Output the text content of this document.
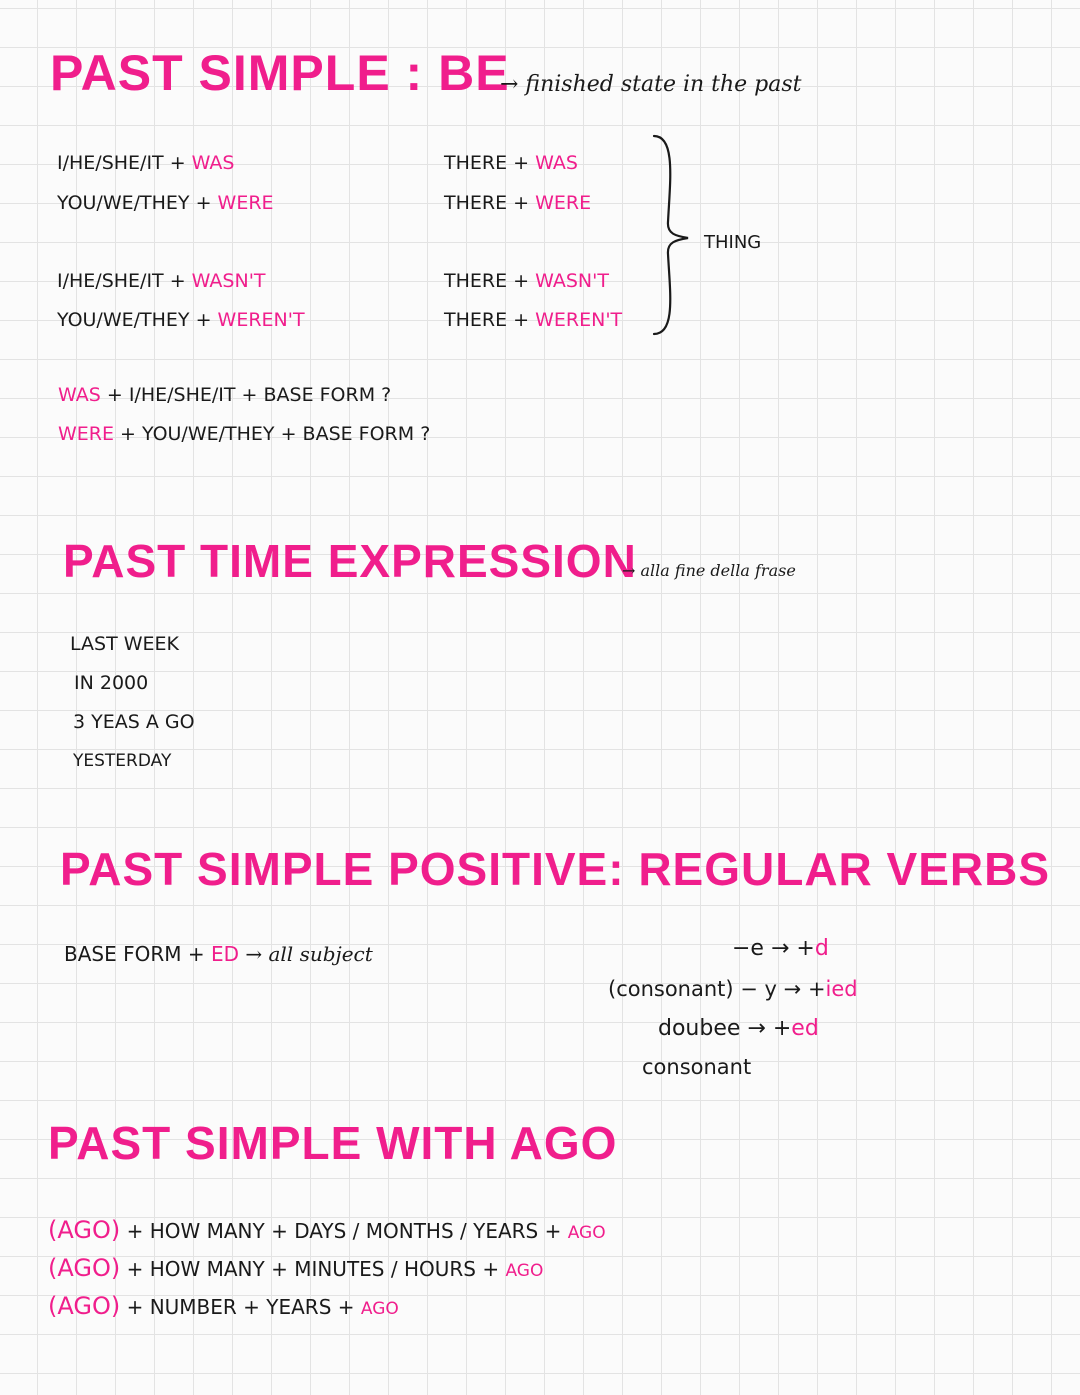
PAST SIMPLE : BE
→ finished state in the past
I/HE/SHE/IT + WAS
YOU/WE/THEY + WERE
I/HE/SHE/IT + WASN'T
YOU/WE/THEY + WEREN'T
THERE + WAS
THERE + WERE
THERE + WASN'T
THERE + WEREN'T
THING
WAS + I/HE/SHE/IT + BASE FORM ?
WERE + YOU/WE/THEY + BASE FORM ?
PAST TIME EXPRESSION
→ alla fine della frase
LAST WEEK
IN 2000
3 YEAS A GO
YESTERDAY
PAST SIMPLE POSITIVE: REGULAR VERBS
BASE FORM + ED → all subject	−e → +d
(consonant) − y → +ied
doubee → +ed
consonant
PAST SIMPLE WITH AGO
(AGO) + HOW MANY + DAYS / MONTHS / YEARS + AGO
(AGO) + HOW MANY + MINUTES / HOURS + AGO
(AGO) + NUMBER + YEARS + AGO
